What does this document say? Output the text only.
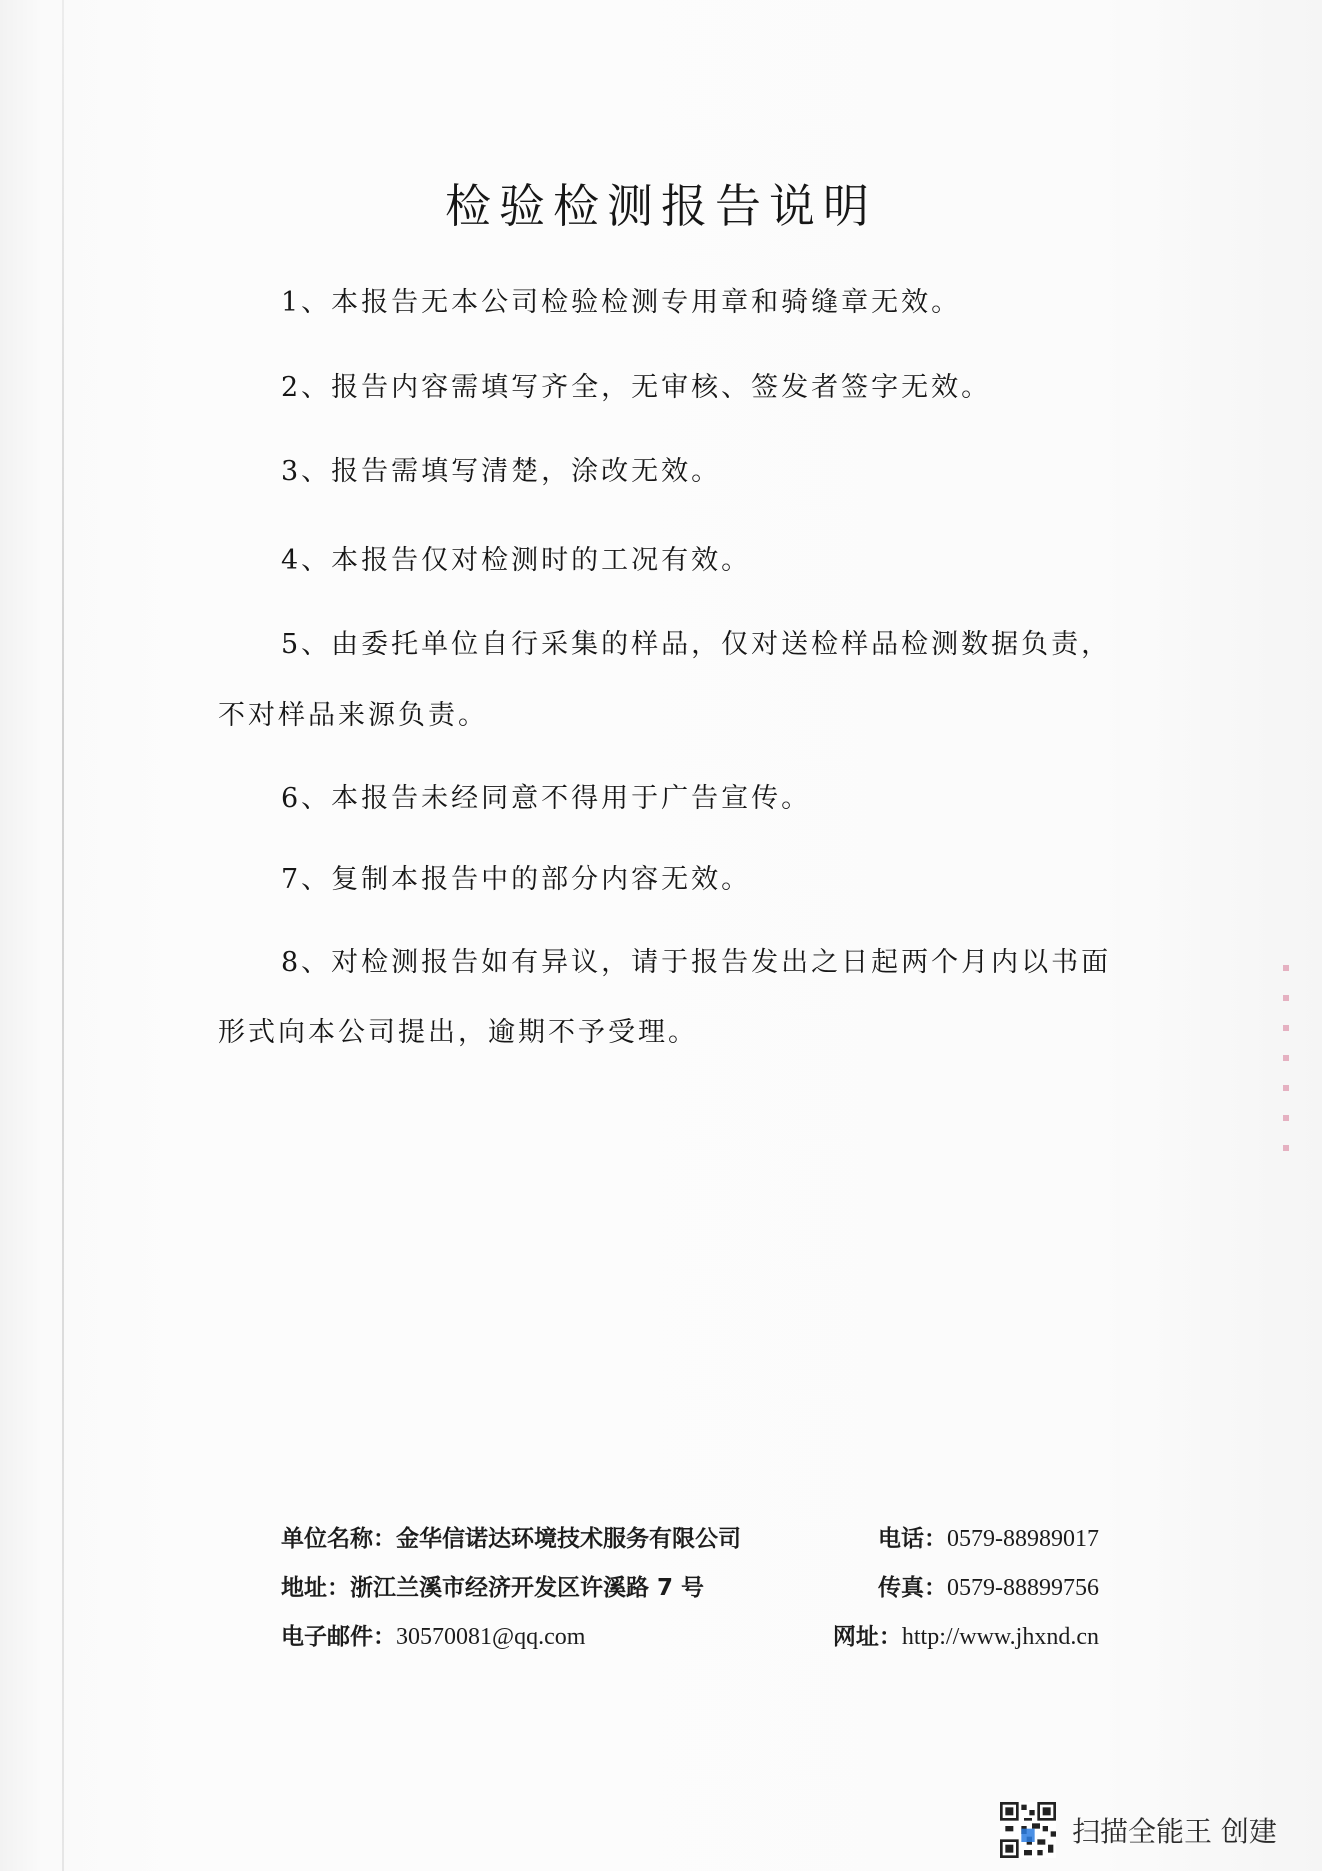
检验检测报告说明
1、本报告无本公司检验检测专用章和骑缝章无效。
2、报告内容需填写齐全，无审核、签发者签字无效。
3、报告需填写清楚，涂改无效。
4、本报告仅对检测时的工况有效。
5、由委托单位自行采集的样品，仅对送检样品检测数据负责，
不对样品来源负责。
6、本报告未经同意不得用于广告宣传。
7、复制本报告中的部分内容无效。
8、对检测报告如有异议，请于报告发出之日起两个月内以书面
形式向本公司提出，逾期不予受理。
单位名称：金华信诺达环境技术服务有限公司	电话：0579-88989017
地址：浙江兰溪市经济开发区许溪路 7 号	传真：0579-88899756
电子邮件：30570081@qq.com	网址：http://www.jhxnd.cn
扫描全能王 创建
